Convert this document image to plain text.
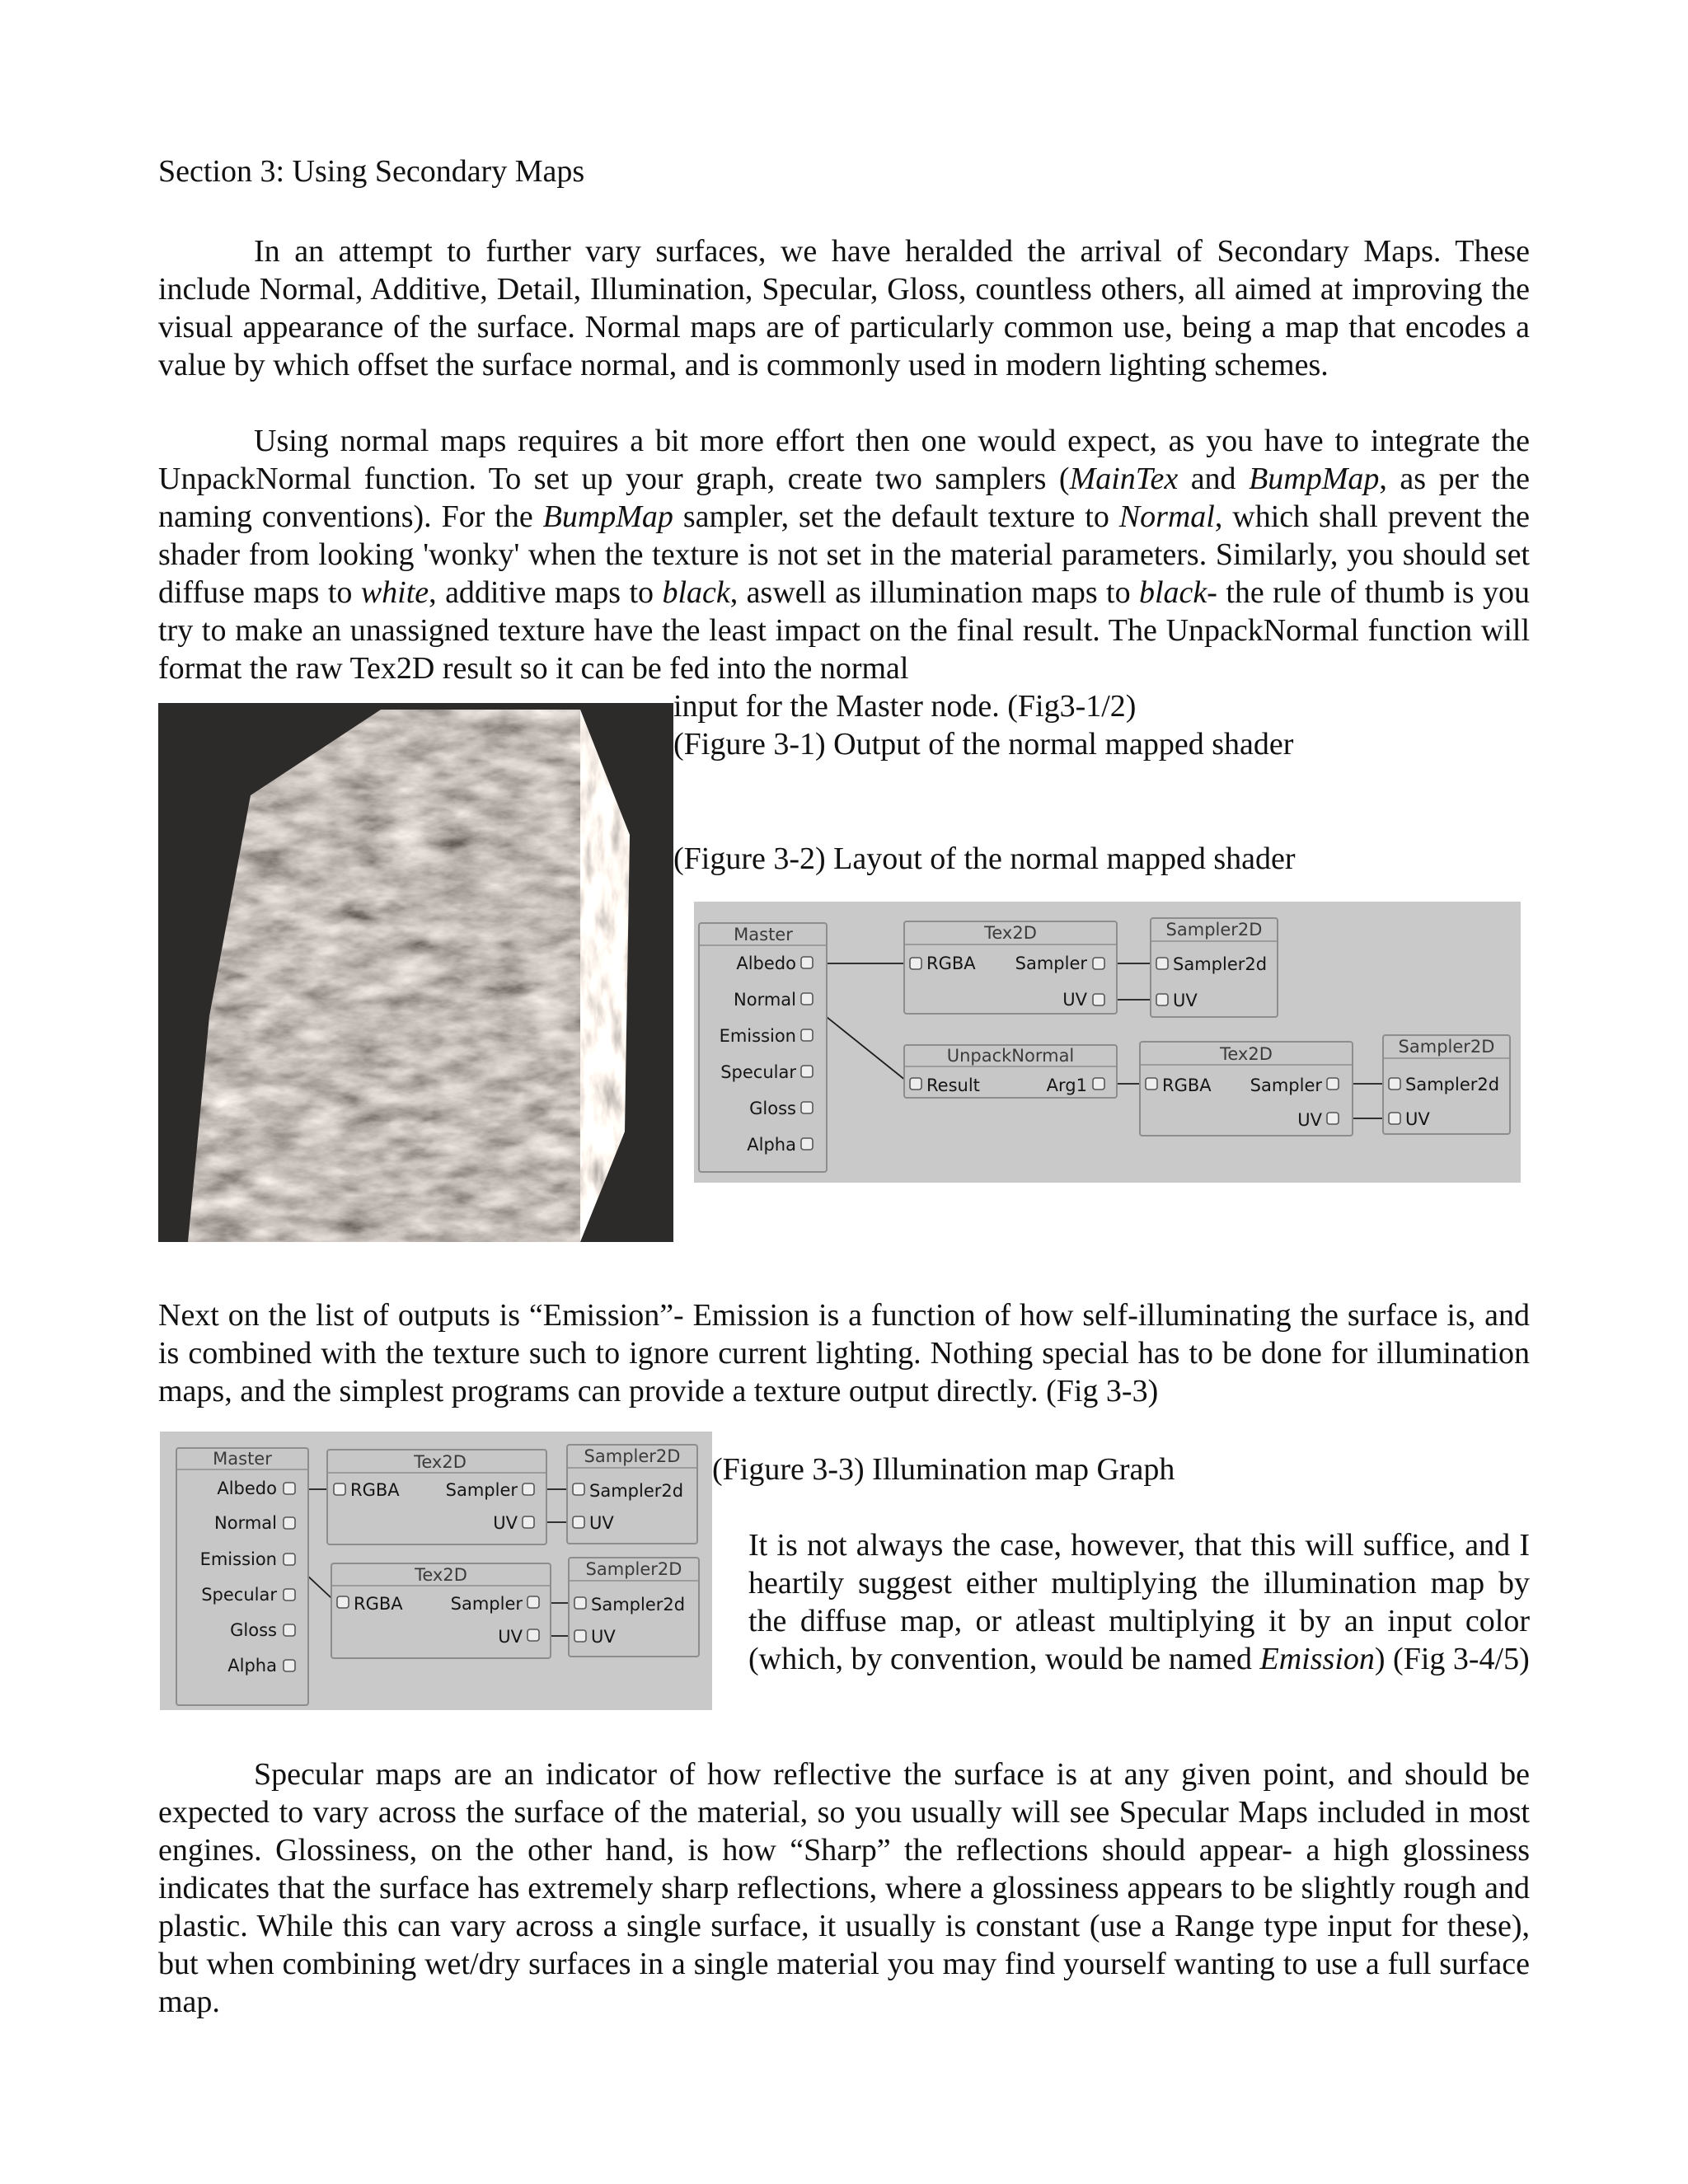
Section 3: Using Secondary Maps

In an attempt to further vary surfaces, we have heralded the arrival of Secondary Maps. These include Normal, Additive, Detail, Illumination, Specular, Gloss, countless others, all aimed at improving the visual appearance of the surface. Normal maps are of particularly common use, being a map that encodes a value by which offset the surface normal, and is commonly used in modern lighting schemes.

Using normal maps requires a bit more effort then one would expect, as you have to integrate the UnpackNormal function. To set up your graph, create two samplers (MainTex and BumpMap, as per the naming conventions). For the BumpMap sampler, set the default texture to Normal, which shall prevent the shader from looking 'wonky' when the texture is not set in the material parameters. Similarly, you should set diffuse maps to white, additive maps to black, aswell as illumination maps to black- the rule of thumb is you try to make an unassigned texture have the least impact on the final result. The UnpackNormal function will format the raw Tex2D result so it can be fed into the normal

input for the Master node. (Fig3-1/2)
(Figure 3-1) Output of the normal mapped shader
(Figure 3-2) Layout of the normal mapped shader
Master
Albedo
Normal
Emission
Specular
Gloss
Alpha
Tex2D
RGBA Sampler
UV
Sampler2D
Sampler2d
UV
UnpackNormal
Result	Arg1
Tex2D
RGBA Sampler
UV
Sampler2D
Sampler2d
UV

Next on the list of outputs is “Emission”- Emission is a function of how self-illuminating the surface is, and is combined with the texture such to ignore current lighting. Nothing special has to be done for illumination maps, and the simplest programs can provide a texture output directly. (Fig 3-3)

Master
Albedo
Normal
Emission
Specular
Gloss
Alpha
Tex2D
RGBA	Sampler
UV
Sampler2D
Sampler2d
UV
Tex2D
RGBA	Sampler
UV
Sampler2D
Sampler2d
UV
(Figure 3-3) Illumination map Graph

It is not always the case, however, that this will suffice, and I heartily suggest either multiplying the illumination map by the diffuse map, or atleast multiplying it by an input color (which, by convention, would be named Emission) (Fig 3-4/5)

Specular maps are an indicator of how reflective the surface is at any given point, and should be expected to vary across the surface of the material, so you usually will see Specular Maps included in most engines. Glossiness, on the other hand, is how “Sharp” the reflections should appear- a high glossiness indicates that the surface has extremely sharp reflections, where a glossiness appears to be slightly rough and plastic. While this can vary across a single surface, it usually is constant (use a Range type input for these), but when combining wet/dry surfaces in a single material you may find yourself wanting to use a full surface map.
